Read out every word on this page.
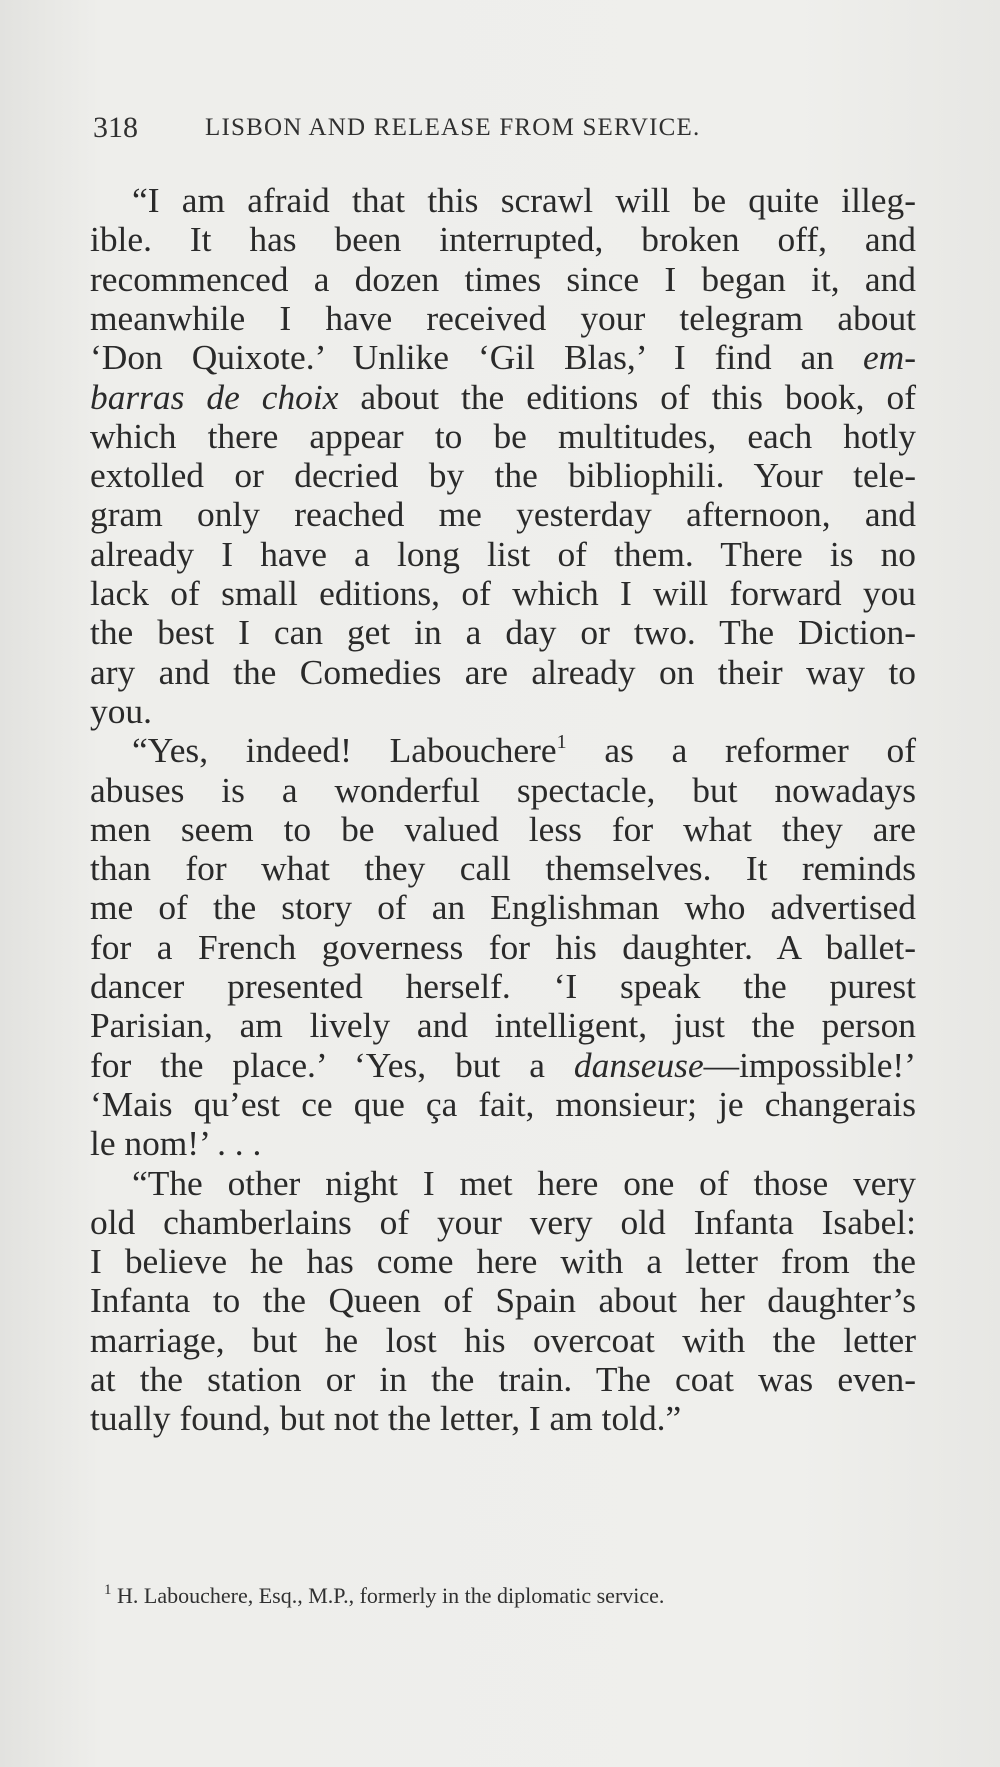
318	LISBON AND RELEASE FROM SERVICE.
“I am afraid that this scrawl will be quite illeg-
ible. It has been interrupted, broken off, and
recommenced a dozen times since I began it, and
meanwhile I have received your telegram about
‘Don Quixote.’ Unlike ‘Gil Blas,’ I find an em-
barras de choix about the editions of this book, of
which there appear to be multitudes, each hotly
extolled or decried by the bibliophili. Your tele-
gram only reached me yesterday afternoon, and
already I have a long list of them. There is no
lack of small editions, of which I will forward you
the best I can get in a day or two. The Diction-
ary and the Comedies are already on their way to
you.
“Yes, indeed! Labouchere$^1$ as a reformer of
abuses is a wonderful spectacle, but nowadays
men seem to be valued less for what they are
than for what they call themselves. It reminds
me of the story of an Englishman who advertised
for a French governess for his daughter. A ballet-
dancer presented herself. ‘I speak the purest
Parisian, am lively and intelligent, just the person
for the place.’ ‘Yes, but a danseuse—impossible!’
‘Mais qu’est ce que ça fait, monsieur; je changerais
le nom!’ . . .
“The other night I met here one of those very
old chamberlains of your very old Infanta Isabel:
I believe he has come here with a letter from the
Infanta to the Queen of Spain about her daughter’s
marriage, but he lost his overcoat with the letter
at the station or in the train. The coat was even-
tually found, but not the letter, I am told.”
$^1$ H. Labouchere, Esq., M.P., formerly in the diplomatic service.
